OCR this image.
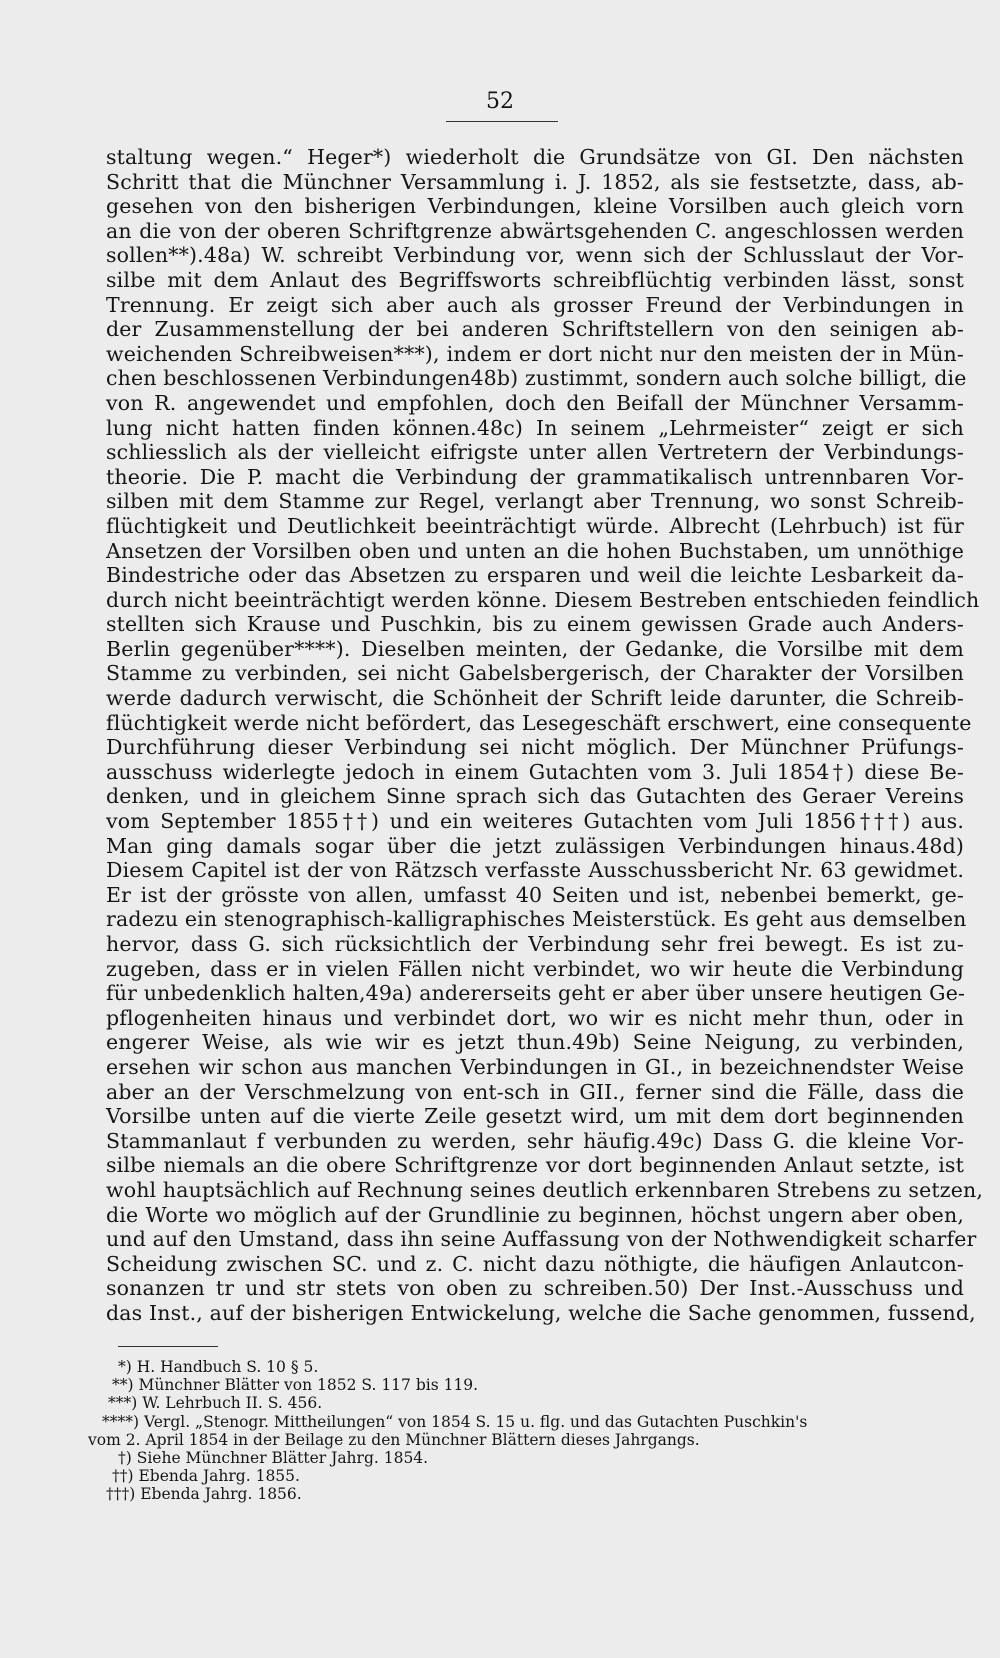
52
staltung wegen.“ Heger*) wiederholt die Grundsätze von GI. Den nächsten
Schritt that die Münchner Versammlung i. J. 1852, als sie festsetzte, dass, ab-
gesehen von den bisherigen Verbindungen, kleine Vorsilben auch gleich vorn
an die von der oberen Schriftgrenze abwärtsgehenden C. angeschlossen werden
sollen**).48a) W. schreibt Verbindung vor, wenn sich der Schlusslaut der Vor-
silbe mit dem Anlaut des Begriffsworts schreibflüchtig verbinden lässt, sonst
Trennung. Er zeigt sich aber auch als grosser Freund der Verbindungen in
der Zusammenstellung der bei anderen Schriftstellern von den seinigen ab-
weichenden Schreibweisen***), indem er dort nicht nur den meisten der in Mün-
chen beschlossenen Verbindungen48b) zustimmt, sondern auch solche billigt, die
von R. angewendet und empfohlen, doch den Beifall der Münchner Versamm-
lung nicht hatten finden können.48c) In seinem „Lehrmeister“ zeigt er sich
schliesslich als der vielleicht eifrigste unter allen Vertretern der Verbindungs-
theorie. Die P. macht die Verbindung der grammatikalisch untrennbaren Vor-
silben mit dem Stamme zur Regel, verlangt aber Trennung, wo sonst Schreib-
flüchtigkeit und Deutlichkeit beeinträchtigt würde. Albrecht (Lehrbuch) ist für
Ansetzen der Vorsilben oben und unten an die hohen Buchstaben, um unnöthige
Bindestriche oder das Absetzen zu ersparen und weil die leichte Lesbarkeit da-
durch nicht beeinträchtigt werden könne. Diesem Bestreben entschieden feindlich
stellten sich Krause und Puschkin, bis zu einem gewissen Grade auch Anders-
Berlin gegenüber****). Dieselben meinten, der Gedanke, die Vorsilbe mit dem
Stamme zu verbinden, sei nicht Gabelsbergerisch, der Charakter der Vorsilben
werde dadurch verwischt, die Schönheit der Schrift leide darunter, die Schreib-
flüchtigkeit werde nicht befördert, das Lesegeschäft erschwert, eine consequente
Durchführung dieser Verbindung sei nicht möglich. Der Münchner Prüfungs-
ausschuss widerlegte jedoch in einem Gutachten vom 3. Juli 1854†) diese Be-
denken, und in gleichem Sinne sprach sich das Gutachten des Geraer Vereins
vom September 1855††) und ein weiteres Gutachten vom Juli 1856†††) aus.
Man ging damals sogar über die jetzt zulässigen Verbindungen hinaus.48d)
Diesem Capitel ist der von Rätzsch verfasste Ausschussbericht Nr. 63 gewidmet.
Er ist der grösste von allen, umfasst 40 Seiten und ist, nebenbei bemerkt, ge-
radezu ein stenographisch-kalligraphisches Meisterstück. Es geht aus demselben
hervor, dass G. sich rücksichtlich der Verbindung sehr frei bewegt. Es ist zu-
zugeben, dass er in vielen Fällen nicht verbindet, wo wir heute die Verbindung
für unbedenklich halten,49a) andererseits geht er aber über unsere heutigen Ge-
pflogenheiten hinaus und verbindet dort, wo wir es nicht mehr thun, oder in
engerer Weise, als wie wir es jetzt thun.49b) Seine Neigung, zu verbinden,
ersehen wir schon aus manchen Verbindungen in GI., in bezeichnendster Weise
aber an der Verschmelzung von ent-sch in GII., ferner sind die Fälle, dass die
Vorsilbe unten auf die vierte Zeile gesetzt wird, um mit dem dort beginnenden
Stammanlaut f verbunden zu werden, sehr häufig.49c) Dass G. die kleine Vor-
silbe niemals an die obere Schriftgrenze vor dort beginnenden Anlaut setzte, ist
wohl hauptsächlich auf Rechnung seines deutlich erkennbaren Strebens zu setzen,
die Worte wo möglich auf der Grundlinie zu beginnen, höchst ungern aber oben,
und auf den Umstand, dass ihn seine Auffassung von der Nothwendigkeit scharfer
Scheidung zwischen SC. und z. C. nicht dazu nöthigte, die häufigen Anlautcon-
sonanzen tr und str stets von oben zu schreiben.50) Der Inst.-Ausschuss und
das Inst., auf der bisherigen Entwickelung, welche die Sache genommen, fussend,
*) H. Handbuch S. 10 § 5.
**) Münchner Blätter von 1852 S. 117 bis 119.
***) W. Lehrbuch II. S. 456.
****) Vergl. „Stenogr. Mittheilungen“ von 1854 S. 15 u. flg. und das Gutachten Puschkin's
vom 2. April 1854 in der Beilage zu den Münchner Blättern dieses Jahrgangs.
†) Siehe Münchner Blätter Jahrg. 1854.
††) Ebenda Jahrg. 1855.
†††) Ebenda Jahrg. 1856.
